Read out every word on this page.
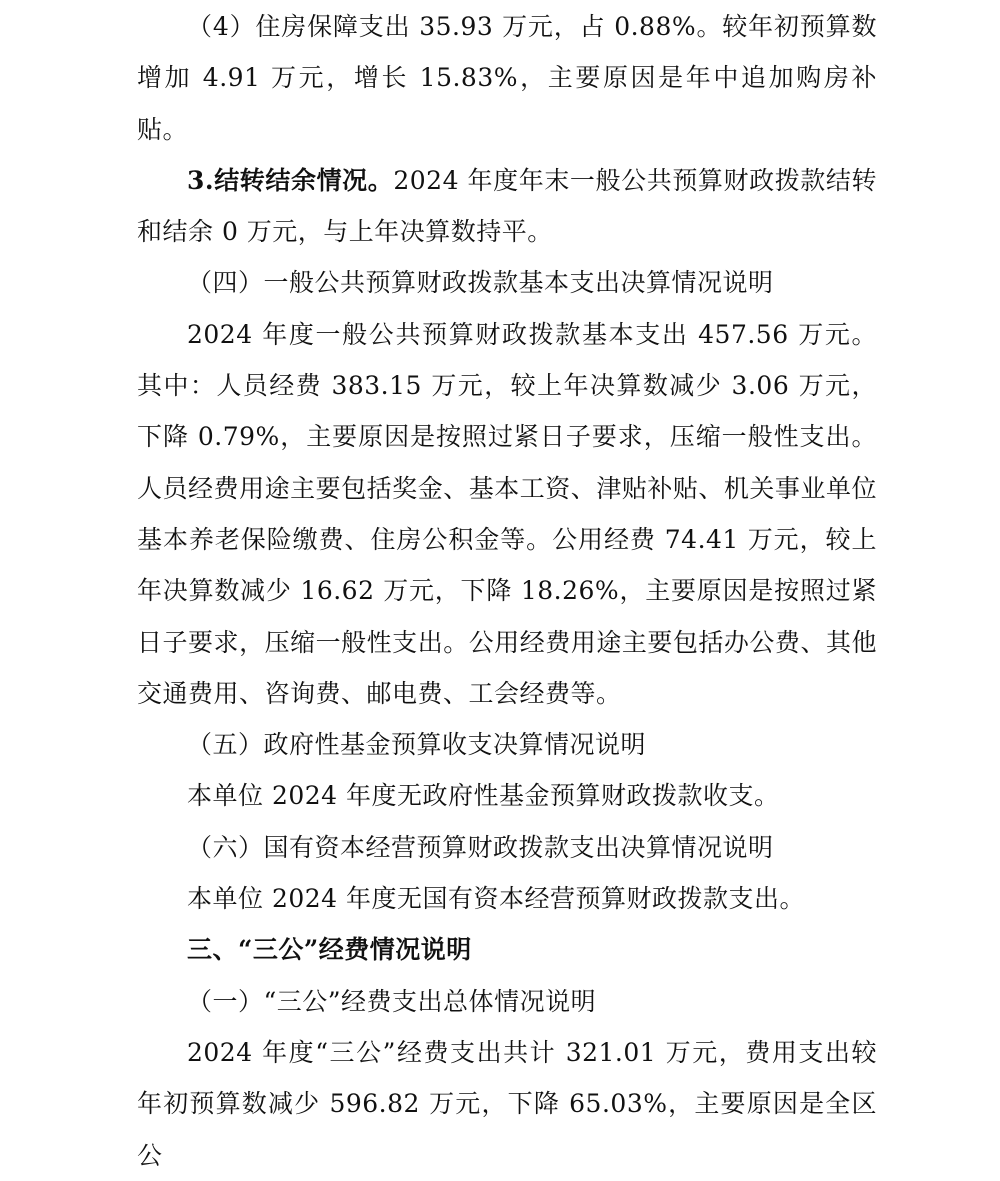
（4）住房保障支出 35.93 万元，占 0.88%。较年初预算数增加 4.91 万元，增长 15.83%，主要原因是年中追加购房补贴。

3.结转结余情况。2024 年度年末一般公共预算财政拨款结转和结余 0 万元，与上年决算数持平。

（四）一般公共预算财政拨款基本支出决算情况说明

2024 年度一般公共预算财政拨款基本支出 457.56 万元。其中：人员经费 383.15 万元，较上年决算数减少 3.06 万元，下降 0.79%，主要原因是按照过紧日子要求，压缩一般性支出。人员经费用途主要包括奖金、基本工资、津贴补贴、机关事业单位基本养老保险缴费、住房公积金等。公用经费 74.41 万元，较上年决算数减少 16.62 万元，下降 18.26%，主要原因是按照过紧日子要求，压缩一般性支出。公用经费用途主要包括办公费、其他交通费用、咨询费、邮电费、工会经费等。

（五）政府性基金预算收支决算情况说明

本单位 2024 年度无政府性基金预算财政拨款收支。

（六）国有资本经营预算财政拨款支出决算情况说明

本单位 2024 年度无国有资本经营预算财政拨款支出。

三、“三公”经费情况说明

（一）“三公”经费支出总体情况说明

2024 年度“三公”经费支出共计 321.01 万元，费用支出较年初预算数减少 596.82 万元，下降 65.03%，主要原因是全区公
